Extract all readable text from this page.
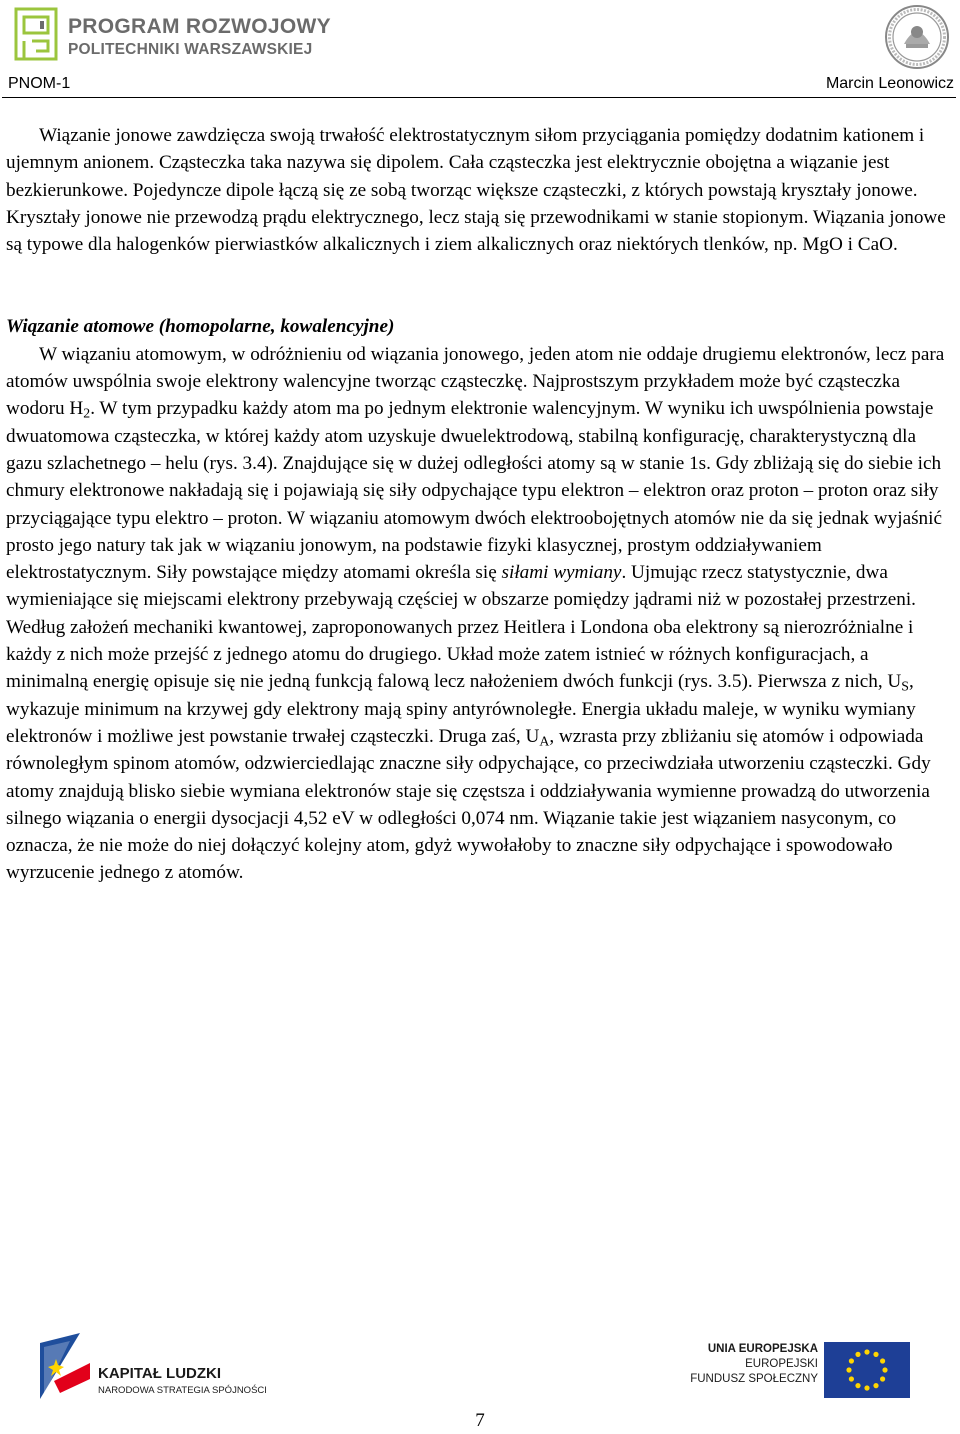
PROGRAM ROZWOJOWY

POLITECHNIKI WARSZAWSKIEJ

PNOM-1	Marcin Leonowicz

Wiązanie jonowe zawdzięcza swoją trwałość elektrostatycznym siłom przyciągania pomiędzy dodatnim kationem i ujemnym anionem. Cząsteczka taka nazywa się dipolem. Cała cząsteczka jest elektrycznie obojętna a wiązanie jest bezkierunkowe. Pojedyncze dipole łączą się ze sobą tworząc większe cząsteczki, z których powstają kryształy jonowe. Kryształy jonowe nie przewodzą prądu elektrycznego, lecz stają się przewodnikami w stanie stopionym. Wiązania jonowe są typowe dla halogenków pierwiastków alkalicznych i ziem alkalicznych oraz niektórych tlenków, np. MgO i CaO.

Wiązanie atomowe (homopolarne, kowalencyjne)

W wiązaniu atomowym, w odróżnieniu od wiązania jonowego, jeden atom nie oddaje drugiemu elektronów, lecz para atomów uwspólnia swoje elektrony walencyjne tworząc cząsteczkę. Najprostszym przykładem może być cząsteczka wodoru $H_2$. W tym przypadku każdy atom ma po jednym elektronie walencyjnym. W wyniku ich uwspólnienia powstaje dwuatomowa cząsteczka, w której każdy atom uzyskuje dwuelektrodową, stabilną konfigurację, charakterystyczną dla gazu szlachetnego – helu (rys. 3.4). Znajdujące się w dużej odległości atomy są w stanie 1s. Gdy zbliżają się do siebie ich chmury elektronowe nakładają się i pojawiają się siły odpychające typu elektron – elektron oraz proton – proton oraz siły przyciągające typu elektro – proton. W wiązaniu atomowym dwóch elektroobojętnych atomów nie da się jednak wyjaśnić prosto jego natury tak jak w wiązaniu jonowym, na podstawie fizyki klasycznej, prostym oddziaływaniem elektrostatycznym. Siły powstające między atomami określa się siłami wymiany. Ujmując rzecz statystycznie, dwa wymieniające się miejscami elektrony przebywają częściej w obszarze pomiędzy jądrami niż w pozostałej przestrzeni. Według założeń mechaniki kwantowej, zaproponowanych przez Heitlera i Londona oba elektrony są nierozróżnialne i każdy z nich może przejść z jednego atomu do drugiego. Układ może zatem istnieć w różnych konfiguracjach, a minimalną energię opisuje się nie jedną funkcją falową lecz nałożeniem dwóch funkcji (rys. 3.5). Pierwsza z nich, $U_S$, wykazuje minimum na krzywej gdy elektrony mają spiny antyrównoległe. Energia układu maleje, w wyniku wymiany elektronów i możliwe jest powstanie trwałej cząsteczki. Druga zaś, $U_A$, wzrasta przy zbliżaniu się atomów i odpowiada równoległym spinom atomów, odzwierciedlając znaczne siły odpychające, co przeciwdziała utworzeniu cząsteczki. Gdy atomy znajdują blisko siebie wymiana elektronów staje się częstsza i oddziaływania wymienne prowadzą do utworzenia silnego wiązania o energii dysocjacji 4,52 eV w odległości 0,074 nm. Wiązanie takie jest wiązaniem nasyconym, co oznacza, że nie może do niej dołączyć kolejny atom, gdyż wywołałoby to znaczne siły odpychające i spowodowało wyrzucenie jednego z atomów.

KAPITAŁ LUDZKI

NARODOWA STRATEGIA SPÓJNOŚCI

UNIA EUROPEJSKA

EUROPEJSKI

FUNDUSZ SPOŁECZNY

7
